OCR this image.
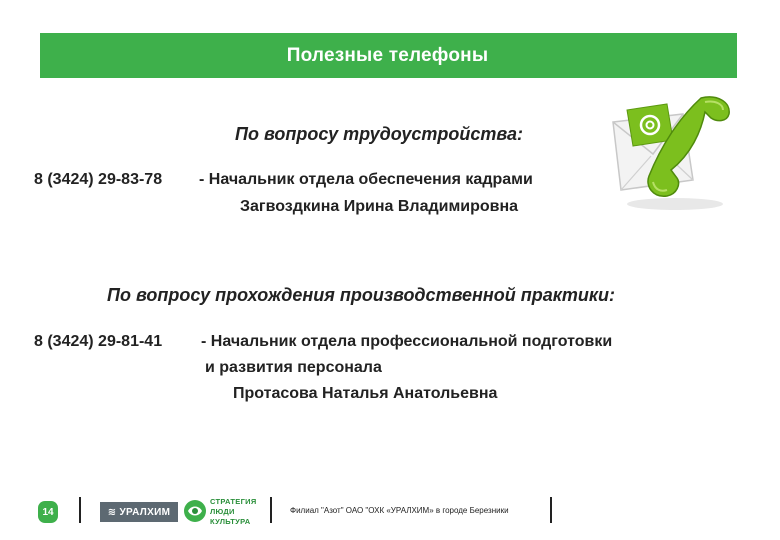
Полезные телефоны
По вопросу трудоустройства:
8 (3424) 29-83-78 - Начальник отдела обеспечения кадрами
Загвоздкина Ирина Владимировна
По вопросу прохождения производственной практики:
8 (3424) 29-81-41 - Начальник отдела профессиональной подготовки
и развития персонала
Протасова Наталья Анатольевна
14	≋ УРАЛХИМ
СТРАТЕГИЯ
ЛЮДИ
КУЛЬТУРА
Филиал "Азот" ОАО "ОХК «УРАЛХИМ» в городе Березники
